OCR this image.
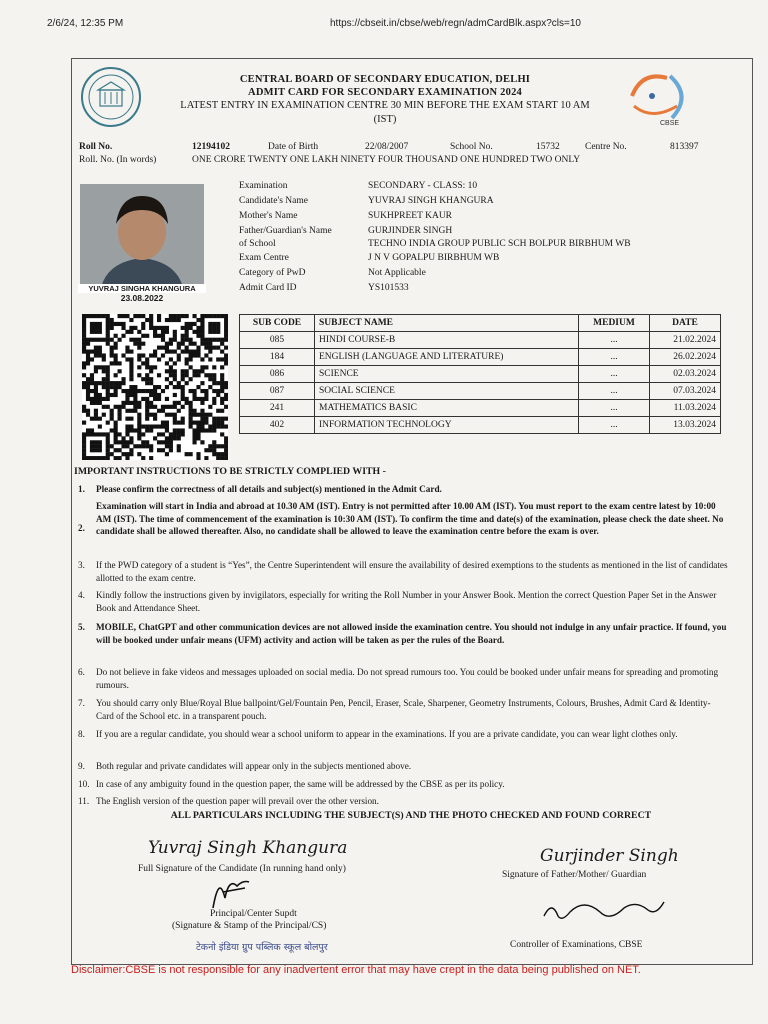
2/6/24, 12:35 PM	https://cbseit.in/cbse/web/regn/admCardBlk.aspx?cls=10
CBSE
CENTRAL BOARD OF SECONDARY EDUCATION, DELHI
ADMIT CARD FOR SECONDARY EXAMINATION 2024
LATEST ENTRY IN EXAMINATION CENTRE 30 MIN BEFORE THE EXAM START 10 AM
(IST)
Roll No.	12194102	Date of Birth	22/08/2007	School No.	15732	Centre No.	813397
Roll. No. (In words)	ONE CRORE TWENTY ONE LAKH NINETY FOUR THOUSAND ONE HUNDRED TWO ONLY
YUVRAJ SINGHA KHANGURA
23.08.2022
Examination	SECONDARY - CLASS: 10
Candidate's Name	YUVRAJ SINGH KHANGURA
Mother's Name	SUKHPREET KAUR
Father/Guardian's Name	GURJINDER SINGH
of School	TECHNO INDIA GROUP PUBLIC SCH BOLPUR BIRBHUM WB
Exam Centre	J N V GOPALPU BIRBHUM WB
Category of PwD	Not Applicable
Admit Card ID	YS101533
SUB CODE	SUBJECT NAME	MEDIUM	DATE
085	HINDI COURSE-B	...	21.02.2024
184	ENGLISH (LANGUAGE AND LITERATURE)	...	26.02.2024
086	SCIENCE	...	02.03.2024
087	SOCIAL SCIENCE	...	07.03.2024
241	MATHEMATICS BASIC	...	11.03.2024
402	INFORMATION TECHNOLOGY	...	13.03.2024
IMPORTANT INSTRUCTIONS TO BE STRICTLY COMPLIED WITH -
1. Please confirm the correctness of all details and subject(s) mentioned in the Admit Card.
2.
Examination will start in India and abroad at 10.30 AM (IST). Entry is not permitted after 10.00 AM (IST). You must report to the exam centre latest by 10:00 AM (IST). The time of commencement of the examination is 10:30 AM (IST). To confirm the time and date(s) of the examination, please check the date sheet. No candidate shall be allowed thereafter. Also, no candidate shall be allowed to leave the examination centre before the exam is over.
3. If the PWD category of a student is “Yes”, the Centre Superintendent will ensure the availability of desired exemptions to the students as mentioned in the list of candidates allotted to the exam centre.
4. Kindly follow the instructions given by invigilators, especially for writing the Roll Number in your Answer Book. Mention the correct Question Paper Set in the Answer Book and Attendance Sheet.
5. MOBILE, ChatGPT and other communication devices are not allowed inside the examination centre. You should not indulge in any unfair practice. If found, you will be booked under unfair means (UFM) activity and action will be taken as per the rules of the Board.
6. Do not believe in fake videos and messages uploaded on social media. Do not spread rumours too. You could be booked under unfair means for spreading and promoting rumours.
7. You should carry only Blue/Royal Blue ballpoint/Gel/Fountain Pen, Pencil, Eraser, Scale, Sharpener, Geometry Instruments, Colours, Brushes, Admit Card & Identity-Card of the School etc. in a transparent pouch.
8. If you are a regular candidate, you should wear a school uniform to appear in the examinations. If you are a private candidate, you can wear light clothes only.
9. Both regular and private candidates will appear only in the subjects mentioned above.
10. In case of any ambiguity found in the question paper, the same will be addressed by the CBSE as per its policy.
11. The English version of the question paper will prevail over the other version.
ALL PARTICULARS INCLUDING THE SUBJECT(S) AND THE PHOTO CHECKED AND FOUND CORRECT
Yuvraj Singh Khangura
Full Signature of the Candidate (In running hand only)
Gurjinder Singh
Signature of Father/Mother/ Guardian
Principal/Center Supdt
(Signature & Stamp of the Principal/CS)
टेकनो इंडिया ग्रुप पब्लिक स्कूल बोलपुर	Controller of Examinations, CBSE
Disclaimer:CBSE is not responsible for any inadvertent error that may have crept in the data being published on NET.
